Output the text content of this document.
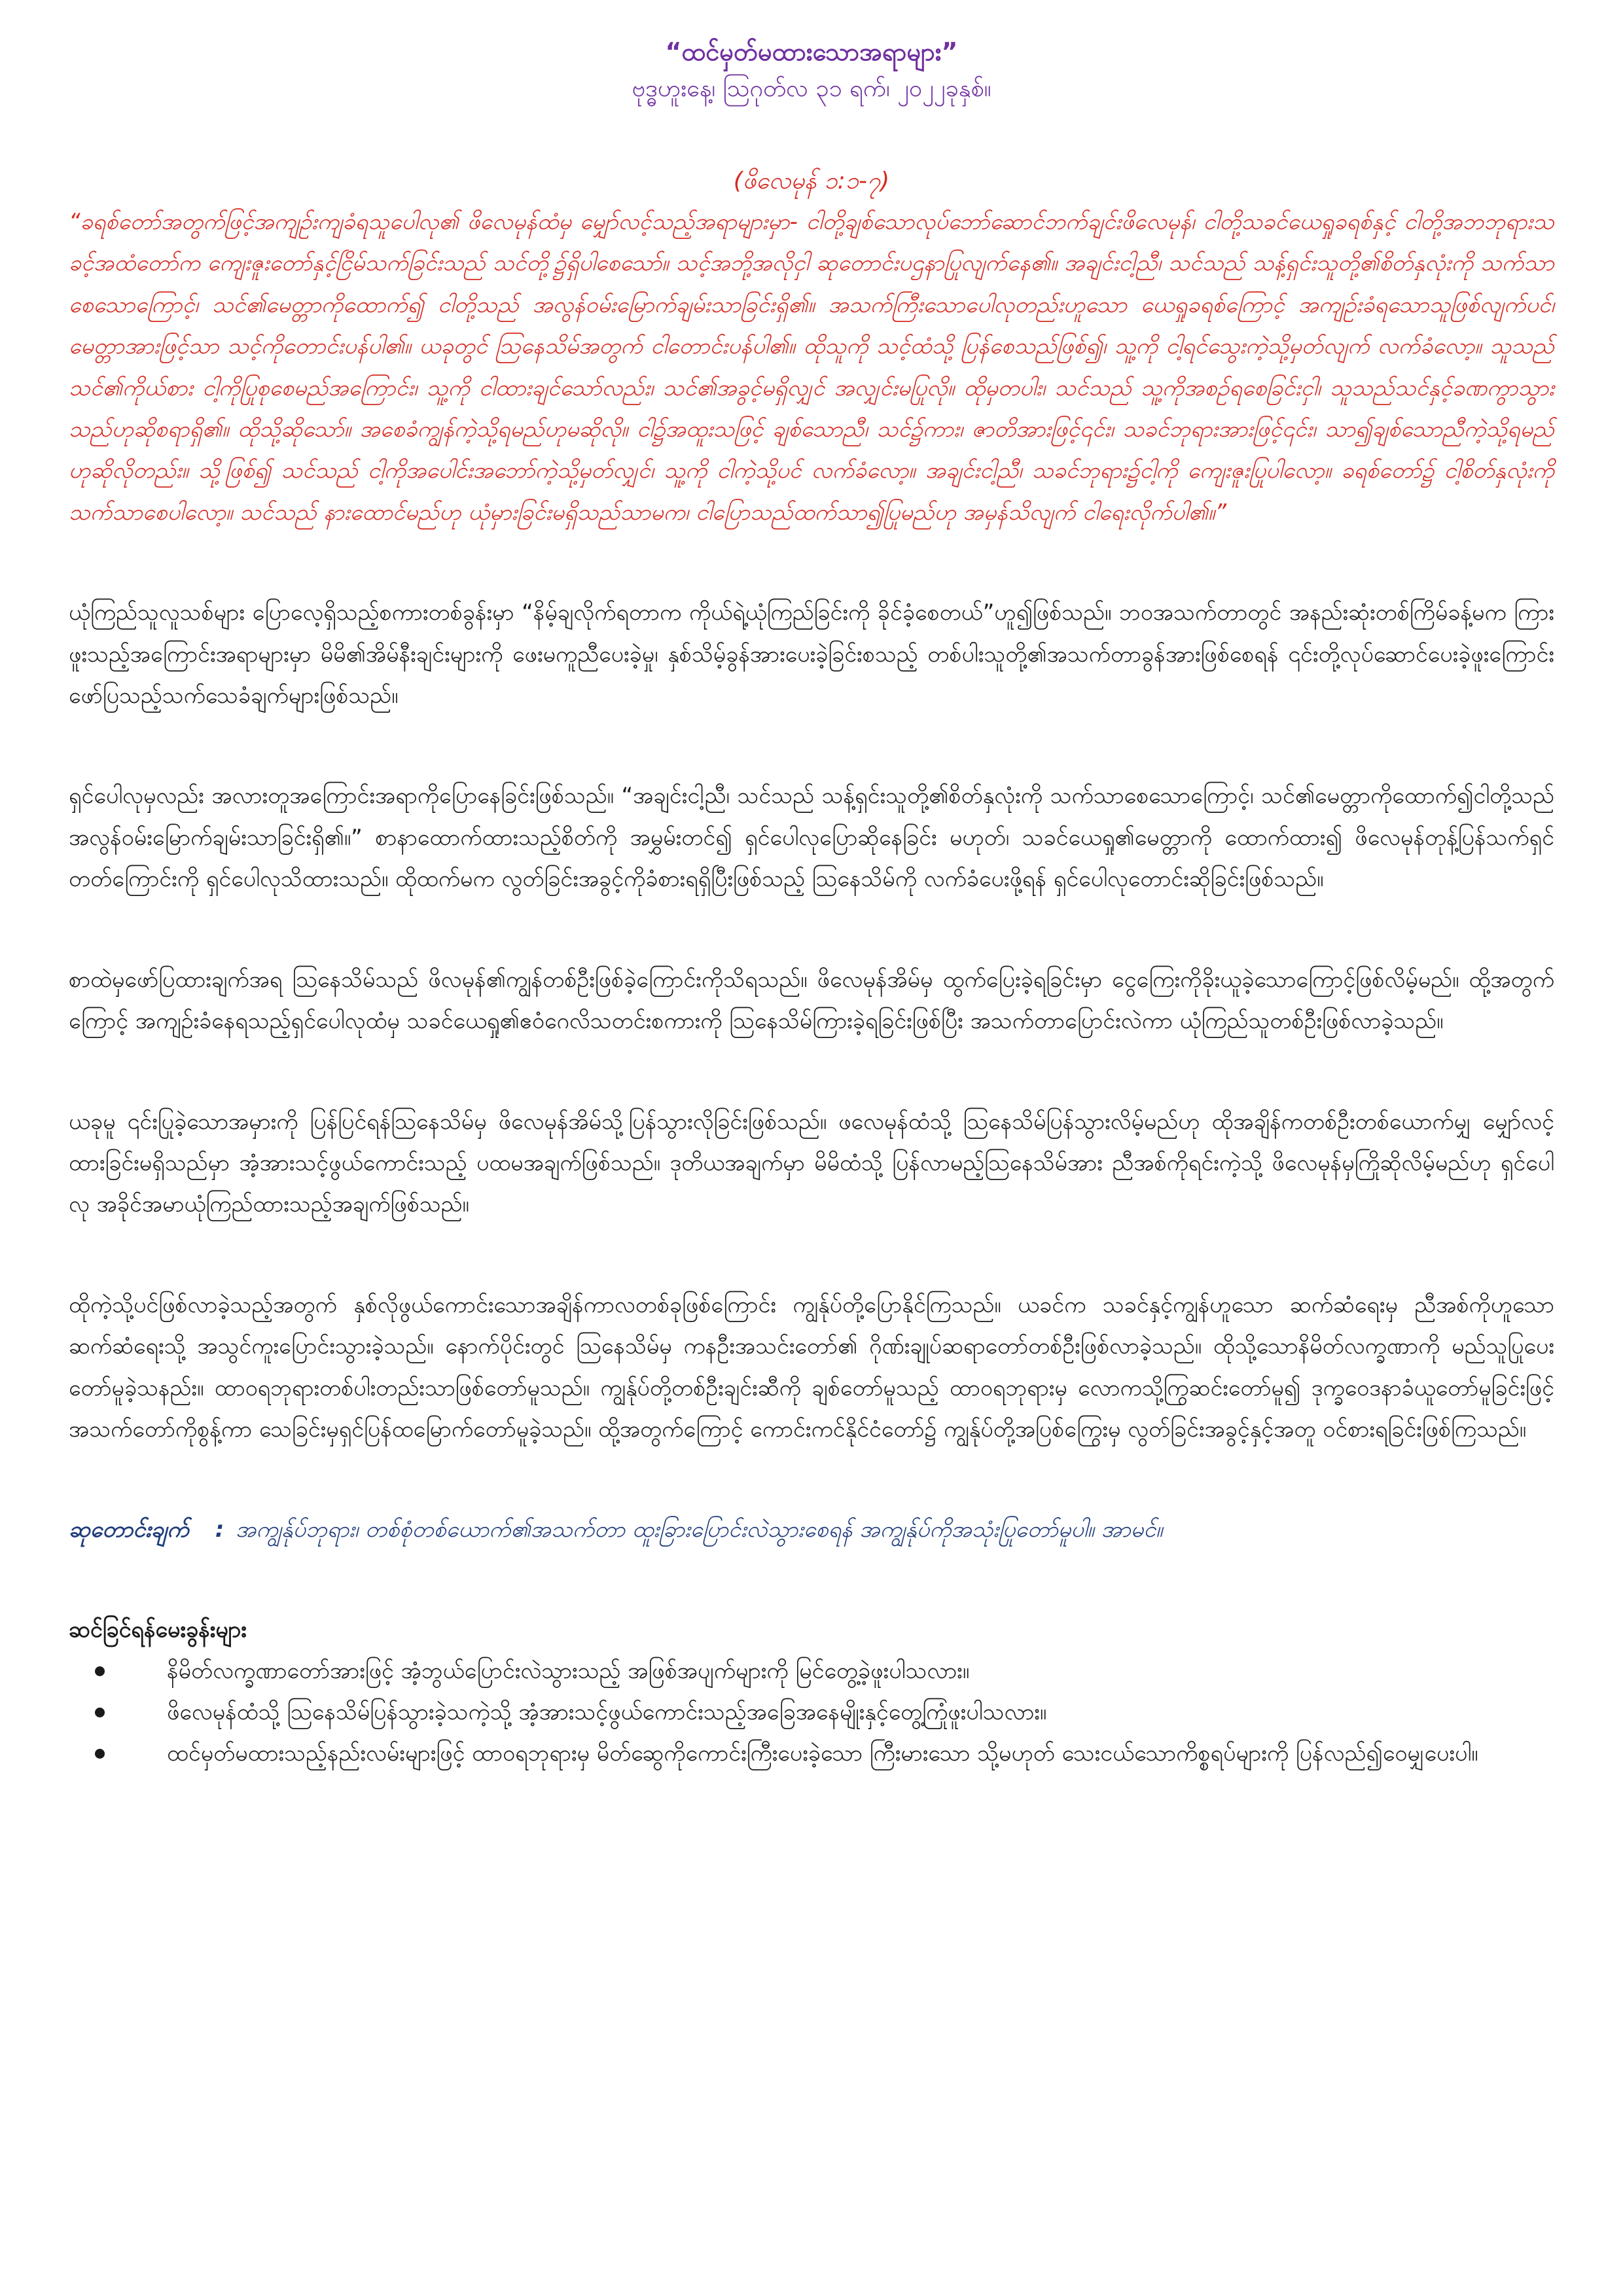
“ထင်မှတ်မထားသောအရာများ”
ဗုဒ္ဓဟူးနေ့၊ ဩဂုတ်လ ၃၁ ရက်၊ ၂၀၂၂ခုနှစ်။
(ဖိလေမုန် ၁:၁-၇)

“ခရစ်တော်အတွက်ဖြင့်အကျဉ်းကျခံရသူပေါလု၏ ဖိလေမုန်ထံမှ မျှော်လင့်သည့်အရာများမှာ- ငါတို့ချစ်သောလုပ်ဘော်ဆောင်ဘက်ချင်းဖိလေမုန်၊ ငါတို့သခင်ယေရှုခရစ်နှင့် ငါတို့အဘဘုရားသခင့်အထံတော်က ကျေးဇူးတော်နှင့်ငြိမ်သက်ခြင်းသည် သင်တို့၌ရှိပါစေသော်။ သင့်အဘို့အလိုငှါ ဆုတောင်းပဌနာပြုလျက်နေ၏။ အချင်းငါ့ညီ၊ သင်သည် သန့်ရှင်းသူတို့၏စိတ်နှလုံးကို သက်သာစေသောကြောင့်၊ သင်၏မေတ္တာကိုထောက်၍ ငါတို့သည် အလွန်ဝမ်းမြောက်ချမ်းသာခြင်းရှိ၏။ အသက်ကြီးသောပေါလုတည်းဟူသော ယေရှုခရစ်ကြောင့် အကျဉ်းခံရသောသူဖြစ်လျက်ပင်၊ မေတ္တာအားဖြင့်သာ သင့်ကိုတောင်းပန်ပါ၏။ ယခုတွင် ဩနေသိမ်အတွက် ငါတောင်းပန်ပါ၏။ ထိုသူကို သင့်ထံသို့ ပြန်စေသည်ဖြစ်၍၊ သူ့ကို ငါ့ရင်သွေးကဲ့သို့မှတ်လျက် လက်ခံလော့။ သူသည် သင်၏ကိုယ်စား ငါ့ကိုပြုစုစေမည်အကြောင်း၊ သူ့ကို ငါထားချင်သော်လည်း၊ သင်၏အခွင့်မရှိလျှင် အလျှင်းမပြုလို။ ထိုမှတပါး၊ သင်သည် သူ့ကိုအစဉ်ရစေခြင်းငှါ၊ သူသည်သင်နှင့်ခဏကွာသွားသည်ဟုဆိုစရာရှိ၏။ ထိုသို့ဆိုသော်။ အစေခံကျွန်ကဲ့သို့ရမည်ဟုမဆိုလို။ ငါ၌အထူးသဖြင့် ချစ်သောညီ၊ သင်၌ကား၊ ဇာတိအားဖြင့်၎င်း၊ သခင်ဘုရားအားဖြင့်၎င်း၊ သာ၍ချစ်သောညီကဲ့သို့ရမည်ဟုဆိုလိုတည်း။ သို့ဖြစ်၍ သင်သည် ငါ့ကိုအပေါင်းအဘော်ကဲ့သို့မှတ်လျှင်၊ သူ့ကို ငါကဲ့သို့ပင် လက်ခံလော့။ အချင်းငါ့ညီ၊ သခင်ဘုရား၌ငါ့ကို ကျေးဇူးပြုပါလော့။ ခရစ်တော်၌ ငါ့စိတ်နှလုံးကို သက်သာစေပါလော့။ သင်သည် နားထောင်မည်ဟု ယုံမှားခြင်းမရှိသည်သာမက၊ ငါပြောသည်ထက်သာ၍ပြုမည်ဟု အမှန်သိလျက် ငါရေးလိုက်ပါ၏။”

ယုံကြည်သူလူသစ်များ ပြောလေ့ရှိသည့်စကားတစ်ခွန်းမှာ “နိမ့်ချလိုက်ရတာက ကိုယ်ရဲ့ယုံကြည်ခြင်းကို ခိုင်ခံ့စေတယ်”ဟူ၍ဖြစ်သည်။ ဘဝအသက်တာတွင် အနည်းဆုံးတစ်ကြိမ်ခန့်မက ကြားဖူးသည့်အကြောင်းအရာများမှာ မိမိ၏အိမ်နီးချင်းများကို ဖေးမကူညီပေးခဲ့မှု၊ နှစ်သိမ့်ခွန်အားပေးခဲ့ခြင်းစသည့် တစ်ပါးသူတို့၏အသက်တာခွန်အားဖြစ်စေရန် ၎င်းတို့လုပ်ဆောင်ပေးခဲ့ဖူးကြောင်း ဖော်ပြသည့်သက်သေခံချက်များဖြစ်သည်။

ရှင်ပေါလုမှလည်း အလားတူအကြောင်းအရာကိုပြောနေခြင်းဖြစ်သည်။ “အချင်းငါ့ညီ၊ သင်သည် သန့်ရှင်းသူတို့၏စိတ်နှလုံးကို သက်သာစေသောကြောင့်၊ သင်၏မေတ္တာကိုထောက်၍ငါတို့သည် အလွန်ဝမ်းမြောက်ချမ်းသာခြင်းရှိ၏။” စာနာထောက်ထားသည့်စိတ်ကို အမွှမ်းတင်၍ ရှင်ပေါလုပြောဆိုနေခြင်း မဟုတ်၊ သခင်ယေရှု၏မေတ္တာကို ထောက်ထား၍ ဖိလေမုန်တုန့်ပြန်သက်ရှင်တတ်ကြောင်းကို ရှင်ပေါလုသိထားသည်။ ထိုထက်မက လွတ်ခြင်းအခွင့်ကိုခံစားရရှိပြီးဖြစ်သည့် ဩနေသိမ်ကို လက်ခံပေးဖို့ရန် ရှင်ပေါလုတောင်းဆိုခြင်းဖြစ်သည်။

စာထဲမှဖော်ပြထားချက်အရ ဩနေသိမ်သည် ဖိလမုန်၏ကျွန်တစ်ဦးဖြစ်ခဲ့ကြောင်းကိုသိရသည်။ ဖိလေမုန်အိမ်မှ ထွက်ပြေးခဲ့ရခြင်းမှာ ငွေကြေးကိုခိုးယူခဲ့သောကြောင့်ဖြစ်လိမ့်မည်။ ထို့အတွက်ကြောင့် အကျဉ်းခံနေရသည့်ရှင်ပေါလုထံမှ သခင်ယေရှု၏ဧဝံဂေလိသတင်းစကားကို ဩနေသိမ်ကြားခဲ့ရခြင်းဖြစ်ပြီး အသက်တာပြောင်းလဲကာ ယုံကြည်သူတစ်ဦးဖြစ်လာခဲ့သည်။

ယခုမူ ၎င်းပြုခဲ့သောအမှားကို ပြန်ပြင်ရန်ဩနေသိမ်မှ ဖိလေမုန်အိမ်သို့ပြန်သွားလိုခြင်းဖြစ်သည်။ ဖလေမုန်ထံသို့ ဩနေသိမ်ပြန်သွားလိမ့်မည်ဟု ထိုအချိန်ကတစ်ဦးတစ်ယောက်မျှ မျှော်လင့်ထားခြင်းမရှိသည်မှာ အံ့အားသင့်ဖွယ်ကောင်းသည့် ပထမအချက်ဖြစ်သည်။ ဒုတိယအချက်မှာ မိမိထံသို့ ပြန်လာမည့်ဩနေသိမ်အား ညီအစ်ကိုရင်းကဲ့သို့ ဖိလေမုန်မှကြိုဆိုလိမ့်မည်ဟု ရှင်ပေါလု အခိုင်အမာယုံကြည်ထားသည့်အချက်ဖြစ်သည်။

ထိုကဲ့သို့ပင်ဖြစ်လာခဲ့သည့်အတွက် နှစ်လိုဖွယ်ကောင်းသောအချိန်ကာလတစ်ခုဖြစ်ကြောင်း ကျွန်ုပ်တို့ပြောနိုင်ကြသည်။ ယခင်က သခင်နှင့်ကျွန်ဟူသော ဆက်ဆံရေးမှ ညီအစ်ကိုဟူသောဆက်ဆံရေးသို့ အသွင်ကူးပြောင်းသွားခဲ့သည်။ နောက်ပိုင်းတွင် ဩနေသိမ်မှ ကနဦးအသင်းတော်၏ ဂိုဏ်းချုပ်ဆရာတော်တစ်ဦးဖြစ်လာခဲ့သည်။ ထိုသို့သောနိမိတ်လက္ခဏာကို မည်သူပြုပေးတော်မူခဲ့သနည်း။ ထာဝရဘုရားတစ်ပါးတည်းသာဖြစ်တော်မူသည်။ ကျွန်ုပ်တို့တစ်ဦးချင်းဆီကို ချစ်တော်မူသည့် ထာဝရဘုရားမှ လောကသို့ကြွဆင်းတော်မူ၍ ဒုက္ခဝေဒနာခံယူတော်မူခြင်းဖြင့် အသက်တော်ကိုစွန့်ကာ သေခြင်းမှရှင်ပြန်ထမြောက်တော်မူခဲ့သည်။ ထို့အတွက်ကြောင့် ကောင်းကင်နိုင်ငံတော်၌ ကျွန်ုပ်တို့အပြစ်ကြွေးမှ လွတ်ခြင်းအခွင့်နှင့်အတူ ဝင်စားရခြင်းဖြစ်ကြသည်။

ဆုတောင်းချက် : အကျွန်ုပ်ဘုရား၊ တစ်စုံတစ်ယောက်၏အသက်တာ ထူးခြားပြောင်းလဲသွားစေရန် အကျွန်ုပ်ကိုအသုံးပြုတော်မူပါ။ အာမင်။

ဆင်ခြင်ရန်မေးခွန်းများ

နိမိတ်လက္ခဏာတော်အားဖြင့် အံ့ဘွယ်ပြောင်းလဲသွားသည့် အဖြစ်အပျက်များကို မြင်တွေ့ခဲ့ဖူးပါသလား။
ဖိလေမုန်ထံသို့ ဩနေသိမ်ပြန်သွားခဲ့သကဲ့သို့ အံ့အားသင့်ဖွယ်ကောင်းသည့်အခြေအနေမျိုးနှင့်တွေ့ကြုံဖူးပါသလား။
ထင်မှတ်မထားသည့်နည်းလမ်းများဖြင့် ထာဝရဘုရားမှ မိတ်ဆွေကိုကောင်းကြီးပေးခဲ့သော ကြီးမားသော သို့မဟုတ် သေးငယ်သောကိစ္စရပ်များကို ပြန်လည်၍ဝေမျှပေးပါ။
